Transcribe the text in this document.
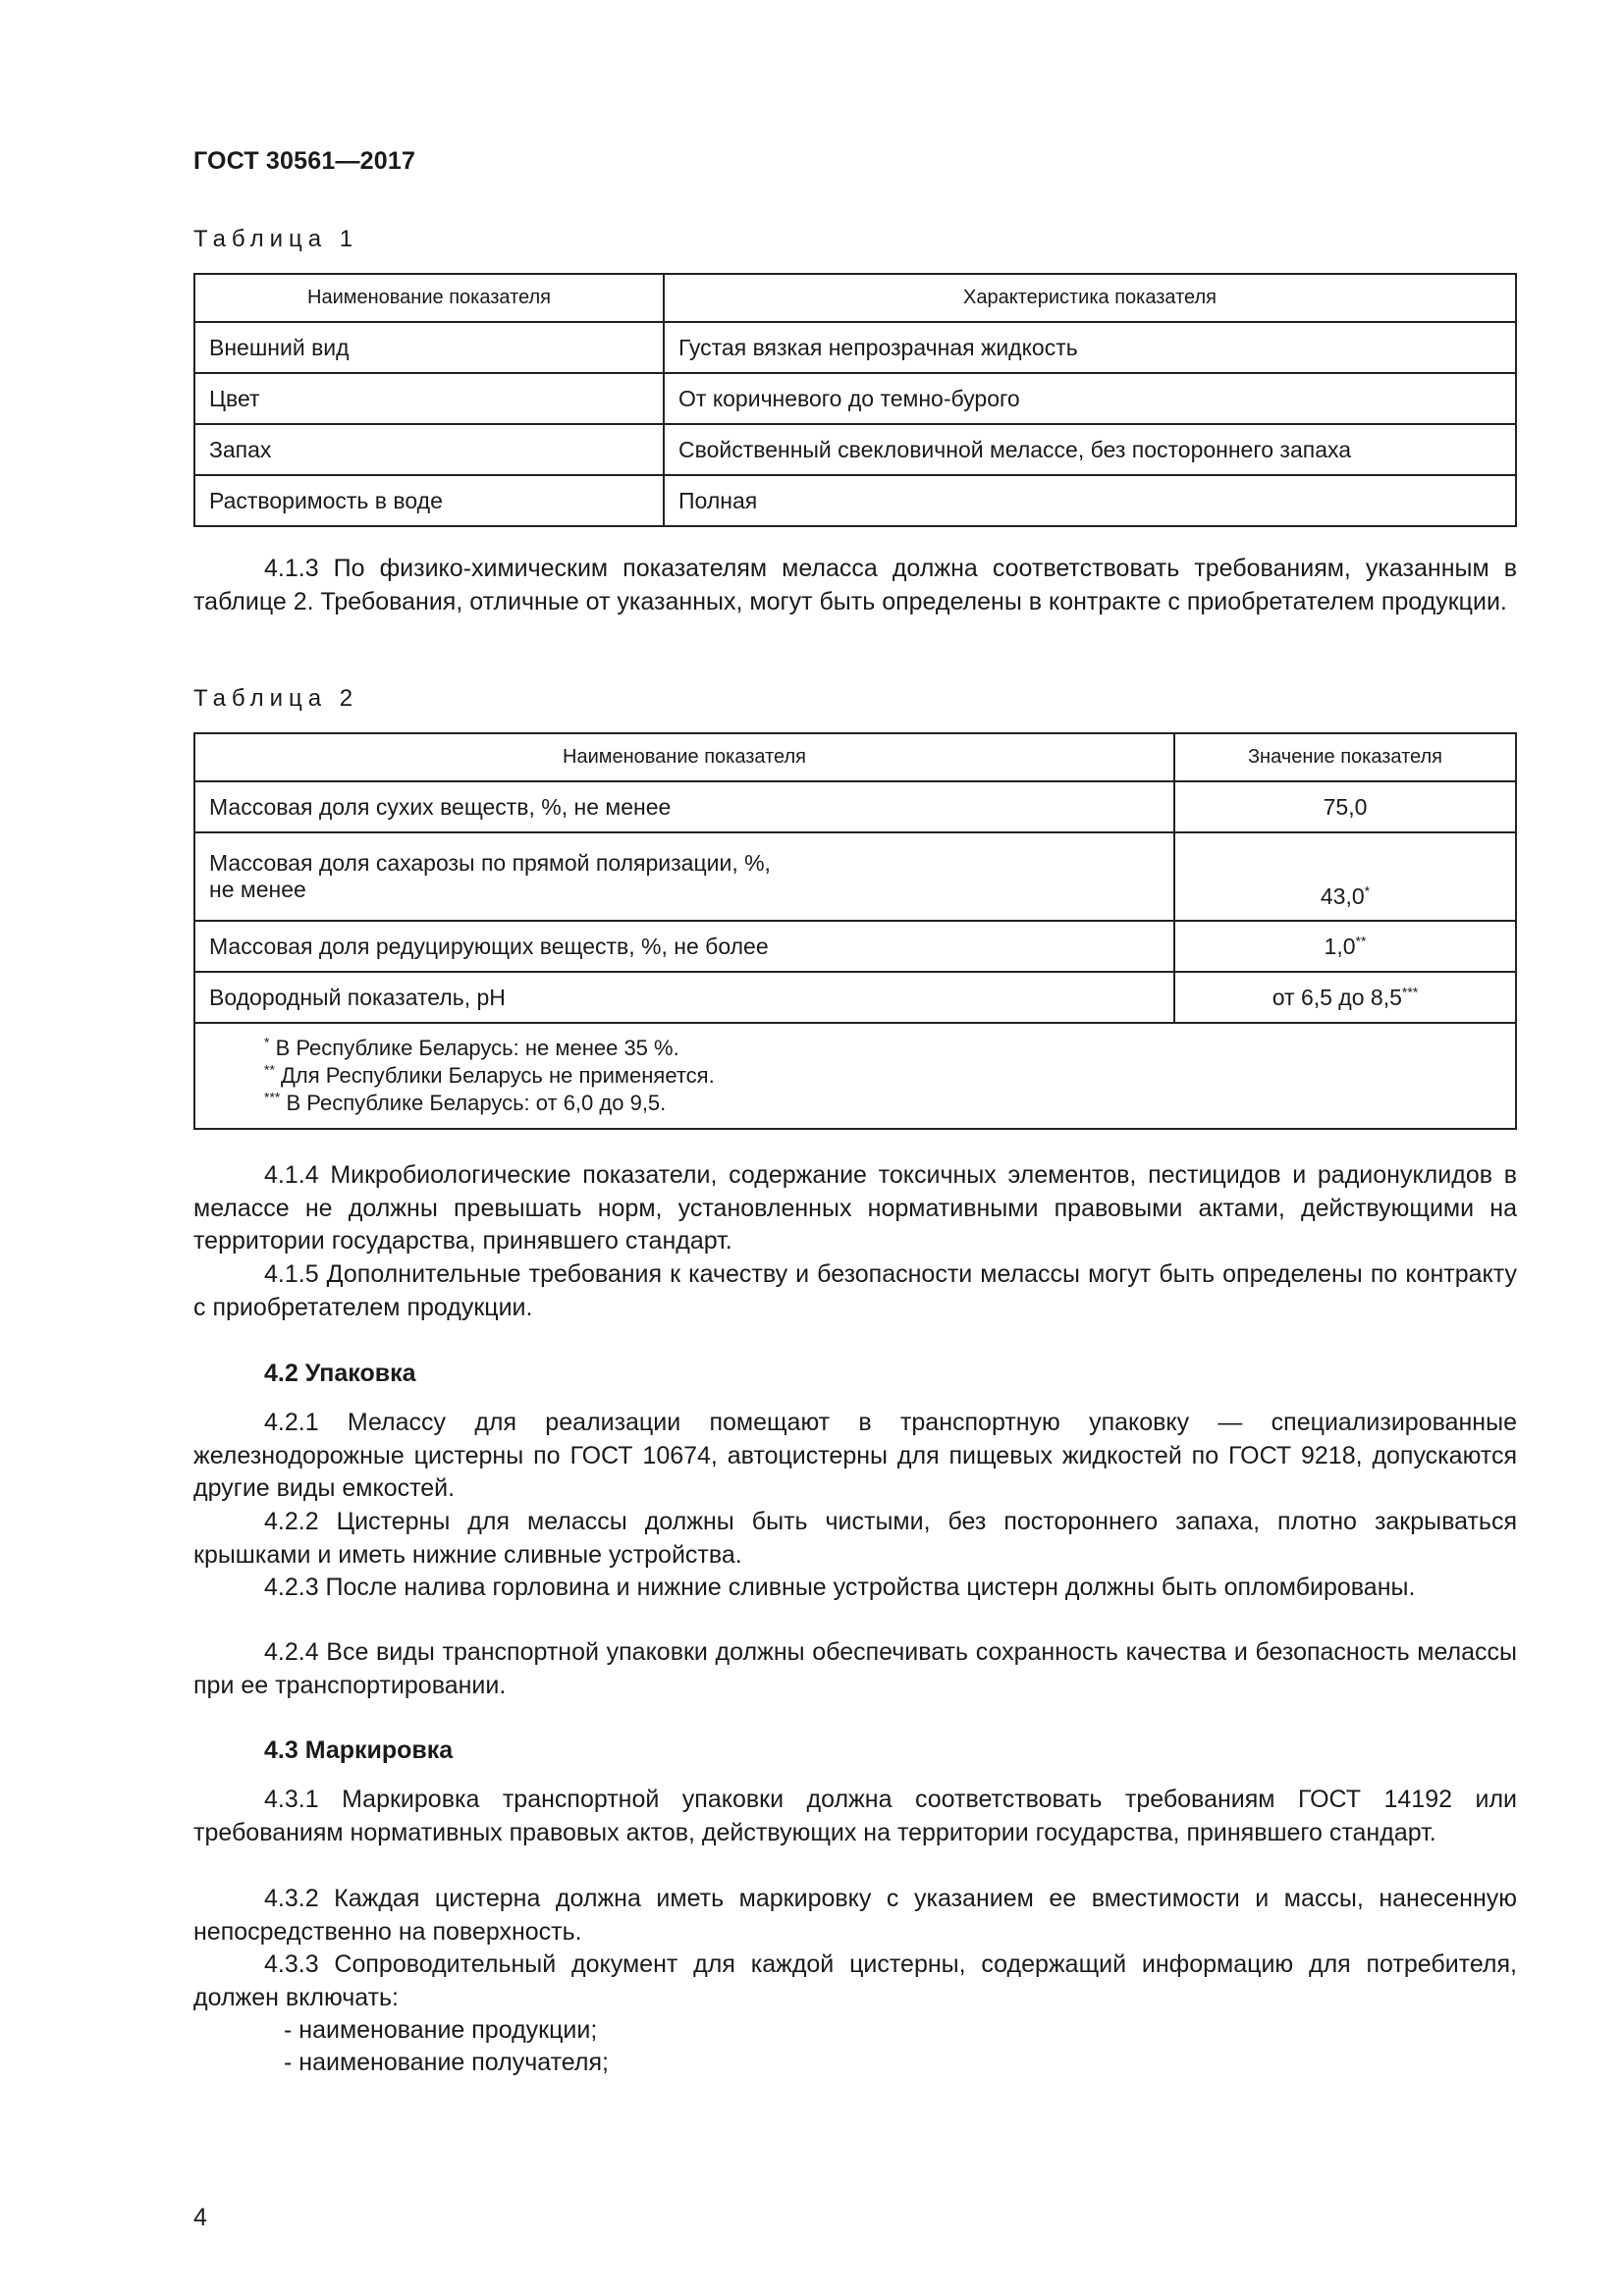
ГОСТ 30561—2017
Таблица 1
Наименование показателя	Характеристика показателя
Внешний вид	Густая вязкая непрозрачная жидкость
Цвет	От коричневого до темно-бурого
Запах	Свойственный свекловичной мелассе, без постороннего запаха
Растворимость в воде	Полная
4.1.3 По физико-химическим показателям меласса должна соответствовать требованиям, указанным в таблице 2. Требования, отличные от указанных, могут быть определены в контракте с приобретателем продукции.
Таблица 2
Наименование показателя	Значение показателя
Массовая доля сухих веществ, %, не менее	75,0

Массовая доля сахарозы по прямой поляризации, %,
не менее	43,0*
Массовая доля редуцирующих веществ, %, не более	1,0**
Водородный показатель, pH	от 6,5 до 8,5***

* В Республике Беларусь: не менее 35 %.
** Для Республики Беларусь не применяется.
*** В Республике Беларусь: от 6,0 до 9,5.	
4.1.4 Микробиологические показатели, содержание токсичных элементов, пестицидов и радионуклидов в мелассе не должны превышать норм, установленных нормативными правовыми актами, действующими на территории государства, принявшего стандарт.
4.1.5 Дополнительные требования к качеству и безопасности мелассы могут быть определены по контракту с приобретателем продукции.
4.2 Упаковка
4.2.1 Мелассу для реализации помещают в транспортную упаковку — специализированные железнодорожные цистерны по ГОСТ 10674, автоцистерны для пищевых жидкостей по ГОСТ 9218, допускаются другие виды емкостей.
4.2.2 Цистерны для мелассы должны быть чистыми, без постороннего запаха, плотно закрываться крышками и иметь нижние сливные устройства.
4.2.3 После налива горловина и нижние сливные устройства цистерн должны быть опломбированы.
4.2.4 Все виды транспортной упаковки должны обеспечивать сохранность качества и безопасность мелассы при ее транспортировании.
4.3 Маркировка
4.3.1 Маркировка транспортной упаковки должна соответствовать требованиям ГОСТ 14192 или требованиям нормативных правовых актов, действующих на территории государства, принявшего стандарт.
4.3.2 Каждая цистерна должна иметь маркировку с указанием ее вместимости и массы, нанесенную непосредственно на поверхность.
4.3.3 Сопроводительный документ для каждой цистерны, содержащий информацию для потребителя, должен включать:
- наименование продукции;
- наименование получателя;
4
